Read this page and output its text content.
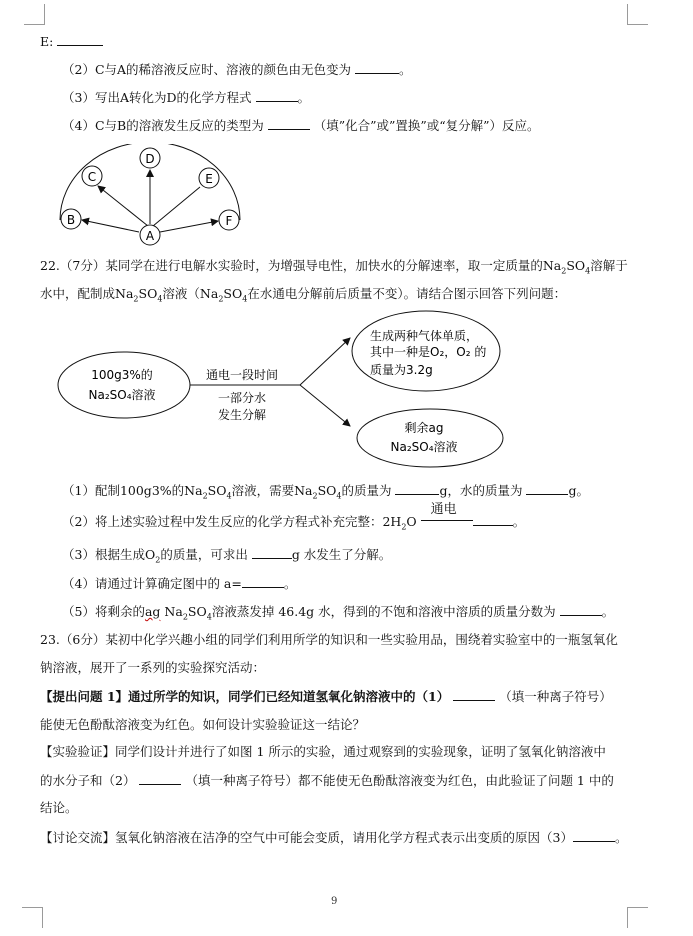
E:
（2）C与A的稀溶液反应时、溶液的颜色由无色变为	。
（3）写出A转化为D的化学方程式	。
（4）C与B的溶液发生反应的类型为	（填”化合”或”置换”或“复分解”）反应。
A
B
C
D
E
F
22.（7分）某同学在进行电解水实验时，为增强导电性，加快水的分解速率，取一定质量的$Na_2SO_4$溶解于
水中，配制成$Na_2SO_4$溶液（$Na_2SO_4$在水通电分解前后质量不变）。请结合图示回答下列问题：
100g3%的
Na₂SO₄溶液
通电一段时间
一部分水
发生分解
生成两种气体单质，
其中一种是O₂，O₂ 的
质量为3.2g
剩余ag
Na₂SO₄溶液
（1）配制100g3%的$Na_2SO_4$溶液，需要$Na_2SO_4$的质量为	g，水的质量为	g。
（2）将上述实验过程中发生反应的化学方程式补充完整：$2H_2O$
通电
。
（3）根据生成$O_2$的质量，可求出	g 水发生了分解。
（4）请通过计算确定图中的 a=	。
（5）将剩余的ag $Na_2SO_4$溶液蒸发掉 46.4g 水，得到的不饱和溶液中溶质的质量分数为	。
23.（6分）某初中化学兴趣小组的同学们利用所学的知识和一些实验用品，围绕着实验室中的一瓶氢氧化
钠溶液，展开了一系列的实验探究活动：
【提出问题 1】通过所学的知识，同学们已经知道氢氧化钠溶液中的（1）	（填一种离子符号）
能使无色酚酞溶液变为红色。如何设计实验验证这一结论？
【实验验证】同学们设计并进行了如图 1 所示的实验，通过观察到的实验现象，证明了氢氧化钠溶液中
的水分子和（2）	（填一种离子符号）都不能使无色酚酞溶液变为红色，由此验证了问题 1 中的
结论。
【讨论交流】氢氧化钠溶液在洁净的空气中可能会变质，请用化学方程式表示出变质的原因（3）	。
9
